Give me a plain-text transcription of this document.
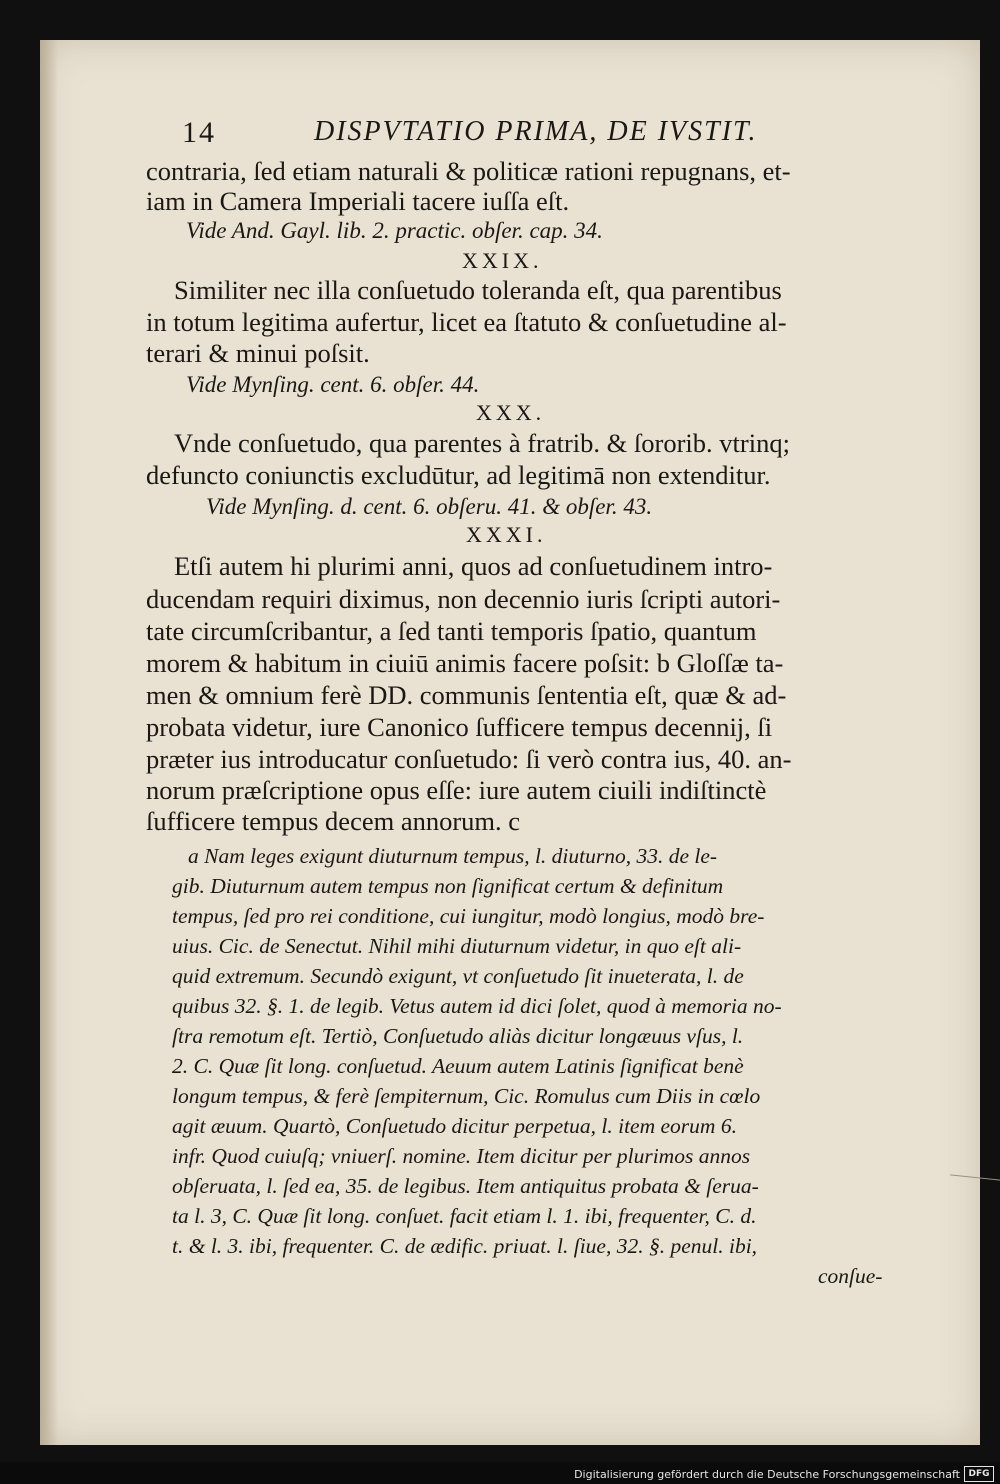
14	DISPVTATIO PRIMA, DE IVSTIT.
contraria, ſed etiam naturali & politicæ rationi repugnans, et-
iam in Camera Imperiali tacere iuſſa eſt.
Vide And. Gayl. lib. 2. practic. obſer. cap. 34.
XXIX.
Similiter nec illa conſuetudo toleranda eſt, qua parentibus
in totum legitima aufertur, licet ea ſtatuto & conſuetudine al-
terari & minui poſsit.
Vide Mynſing. cent. 6. obſer. 44.
XXX.
Vnde conſuetudo, qua parentes à fratrib. & ſororib. vtrinq;
defuncto coniunctis excludūtur, ad legitimā non extenditur.
Vide Mynſing. d. cent. 6. obſeru. 41. & obſer. 43.
XXXI.
Etſi autem hi plurimi anni, quos ad conſuetudinem intro-
ducendam requiri diximus, non decennio iuris ſcripti autori-
tate circumſcribantur, a ſed tanti temporis ſpatio, quantum
morem & habitum in ciuiū animis facere poſsit: b Gloſſæ ta-
men & omnium ferè DD. communis ſententia eſt, quæ & ad-
probata videtur, iure Canonico ſufficere tempus decennij, ſi
præter ius introducatur conſuetudo: ſi verò contra ius, 40. an-
norum præſcriptione opus eſſe: iure autem ciuili indiſtinctè
ſufficere tempus decem annorum. c
a Nam leges exigunt diuturnum tempus, l. diuturno, 33. de le-
gib. Diuturnum autem tempus non ſignificat certum & definitum
tempus, ſed pro rei conditione, cui iungitur, modò longius, modò bre-
uius. Cic. de Senectut. Nihil mihi diuturnum videtur, in quo eſt ali-
quid extremum. Secundò exigunt, vt conſuetudo ſit inueterata, l. de
quibus 32. §. 1. de legib. Vetus autem id dici ſolet, quod à memoria no-
ſtra remotum eſt. Tertiò, Conſuetudo aliàs dicitur longæuus vſus, l.
2. C. Quæ ſit long. conſuetud. Aeuum autem Latinis ſignificat benè
longum tempus, & ferè ſempiternum, Cic. Romulus cum Diis in cœlo
agit æuum. Quartò, Conſuetudo dicitur perpetua, l. item eorum 6.
infr. Quod cuiuſq; vniuerſ. nomine. Item dicitur per plurimos annos
obſeruata, l. ſed ea, 35. de legibus. Item antiquitus probata & ſerua-
ta l. 3, C. Quæ ſit long. conſuet. facit etiam l. 1. ibi, frequenter, C. d.
t. & l. 3. ibi, frequenter. C. de ædific. priuat. l. ſiue, 32. §. penul. ibi,
conſue-
Digitalisierung gefördert durch die Deutsche Forschungsgemeinschaft DFG
